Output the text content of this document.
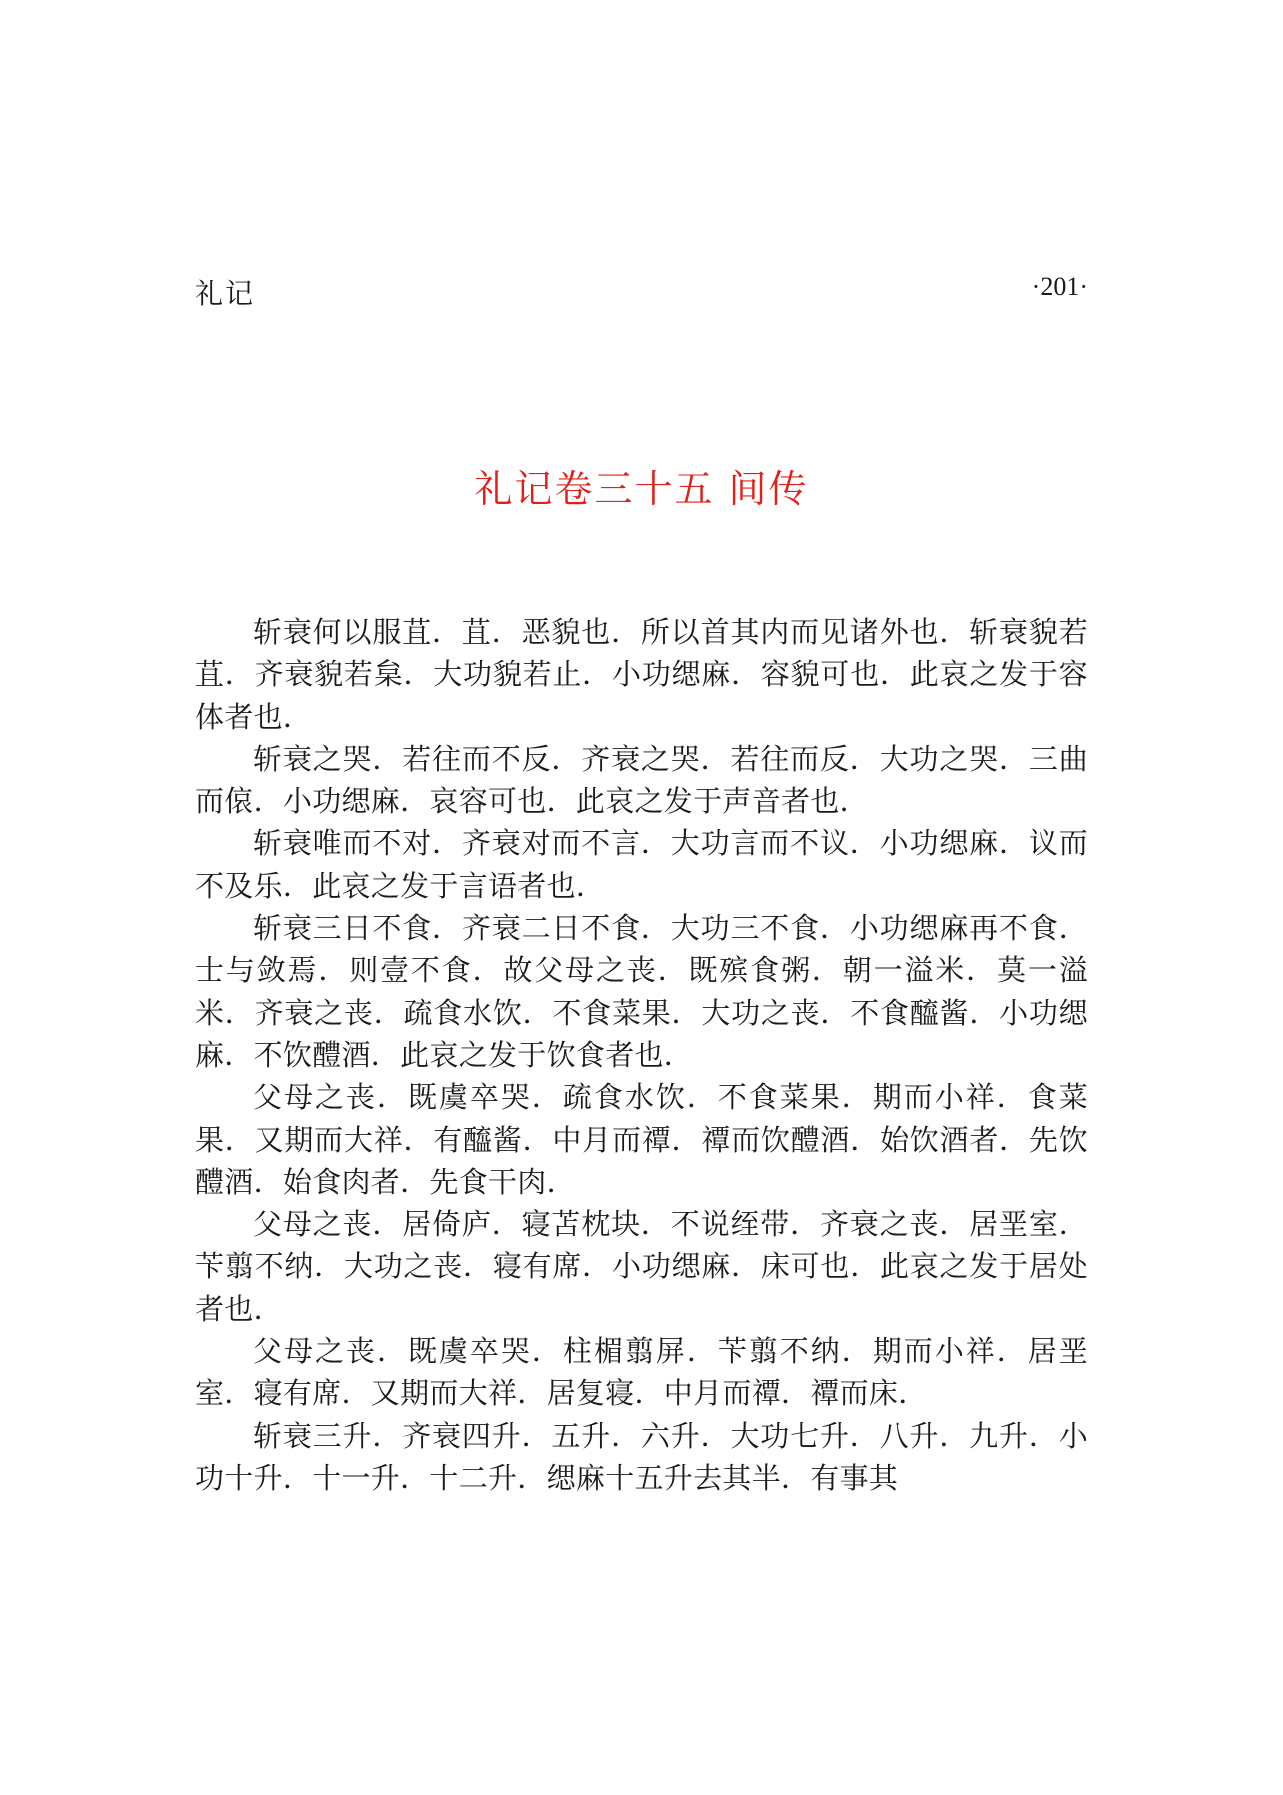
礼记	·201·
礼记卷三十五 间传

斩衰何以服苴．苴．恶貌也．所以首其内而见诸外也．斩衰貌若苴．齐衰貌若枲．大功貌若止．小功缌麻．容貌可也．此哀之发于容体者也．

斩衰之哭．若往而不反．齐衰之哭．若往而反．大功之哭．三曲而偯．小功缌麻．哀容可也．此哀之发于声音者也．

斩衰唯而不对．齐衰对而不言．大功言而不议．小功缌麻．议而不及乐．此哀之发于言语者也．

斩衰三日不食．齐衰二日不食．大功三不食．小功缌麻再不食．士与敛焉．则壹不食．故父母之丧．既殡食粥．朝一溢米．莫一溢米．齐衰之丧．疏食水饮．不食菜果．大功之丧．不食醯酱．小功缌麻．不饮醴酒．此哀之发于饮食者也．

父母之丧．既虞卒哭．疏食水饮．不食菜果．期而小祥．食菜果．又期而大祥．有醯酱．中月而禫．禫而饮醴酒．始饮酒者．先饮醴酒．始食肉者．先食干肉．

父母之丧．居倚庐．寝苫枕块．不说绖带．齐衰之丧．居垩室．苄翦不纳．大功之丧．寝有席．小功缌麻．床可也．此哀之发于居处者也．

父母之丧．既虞卒哭．柱楣翦屏．苄翦不纳．期而小祥．居垩室．寝有席．又期而大祥．居复寝．中月而禫．禫而床．

斩衰三升．齐衰四升．五升．六升．大功七升．八升．九升．小功十升．十一升．十二升．缌麻十五升去其半．有事其
